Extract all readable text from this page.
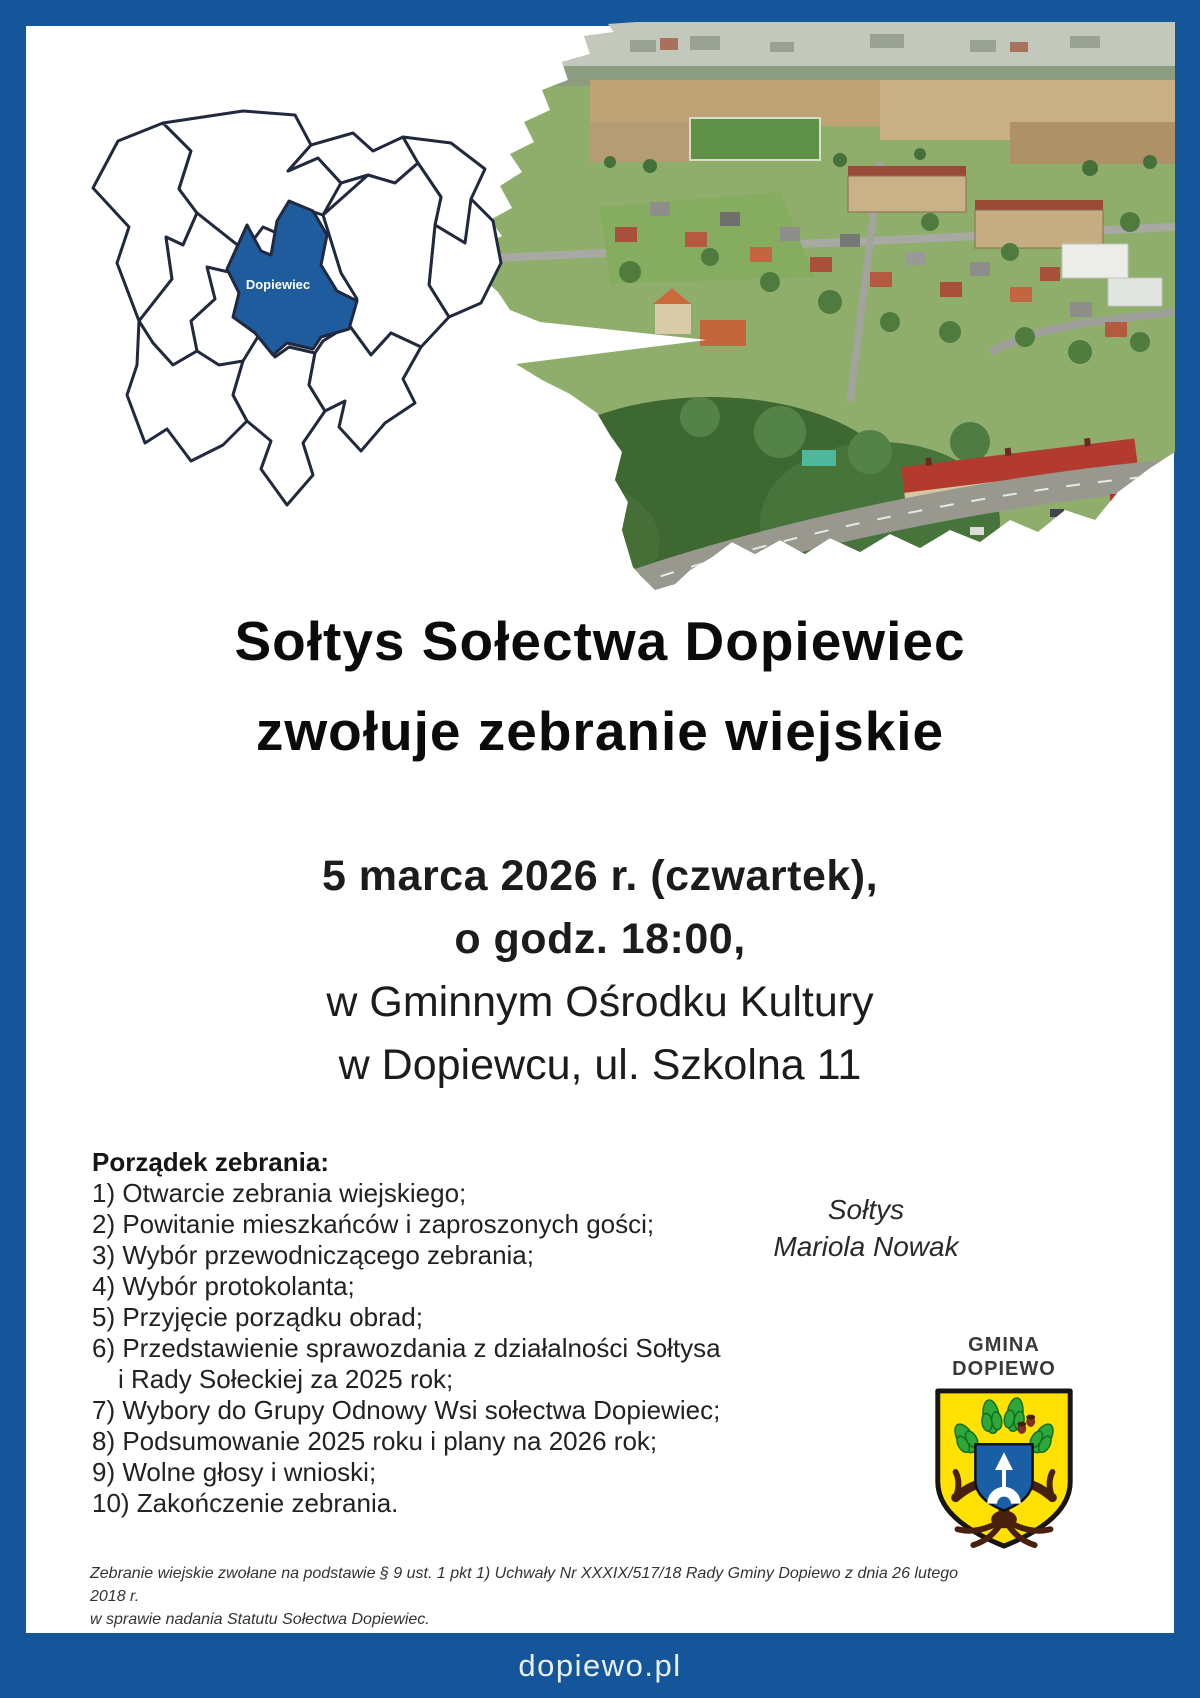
Dopiewiec
Sołtys Sołectwa Dopiewiec
zwołuje zebranie wiejskie
5 marca 2026 r. (czwartek),
o godz. 18:00,
w Gminnym Ośrodku Kultury
w Dopiewcu, ul. Szkolna 11
Porządek zebrania:
1) Otwarcie zebrania wiejskiego;
2) Powitanie mieszkańców i zaproszonych gości;
3) Wybór przewodniczącego zebrania;
4) Wybór protokolanta;
5) Przyjęcie porządku obrad;
6) Przedstawienie sprawozdania z działalności Sołtysa
i Rady Sołeckiej za 2025 rok;
7) Wybory do Grupy Odnowy Wsi sołectwa Dopiewiec;
8) Podsumowanie 2025 roku i plany na 2026 rok;
9) Wolne głosy i wnioski;
10) Zakończenie zebrania.
Sołtys
Mariola Nowak
GMINA DOPIEWO
Zebranie wiejskie zwołane na podstawie § 9 ust. 1 pkt 1) Uchwały Nr XXXIX/517/18 Rady Gminy Dopiewo z dnia 26 lutego 2018 r.
w sprawie nadania Statutu Sołectwa Dopiewiec.
dopiewo.pl
